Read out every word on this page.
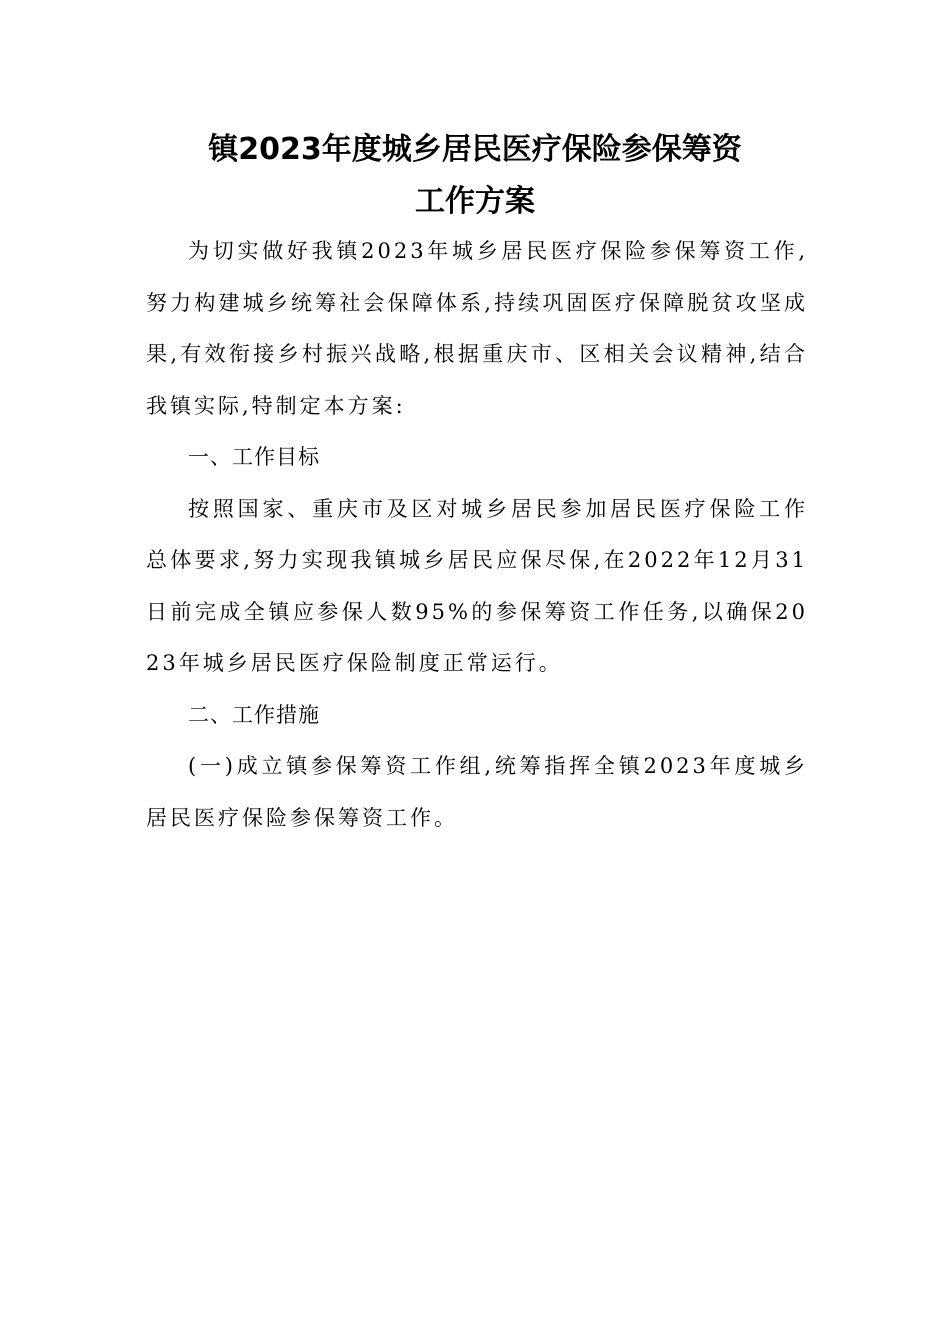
镇2023年度城乡居民医疗保险参保筹资
工作方案

为切实做好我镇2023年城乡居民医疗保险参保筹资工作,努力构建城乡统筹社会保障体系,持续巩固医疗保障脱贫攻坚成果,有效衔接乡村振兴战略,根据重庆市、区相关会议精神,结合我镇实际,特制定本方案:

一、工作目标

按照国家、重庆市及区对城乡居民参加居民医疗保险工作总体要求,努力实现我镇城乡居民应保尽保,在2022年12月31日前完成全镇应参保人数95%的参保筹资工作任务,以确保2023年城乡居民医疗保险制度正常运行。

二、工作措施

(一)成立镇参保筹资工作组,统筹指挥全镇2023年度城乡居民医疗保险参保筹资工作。
